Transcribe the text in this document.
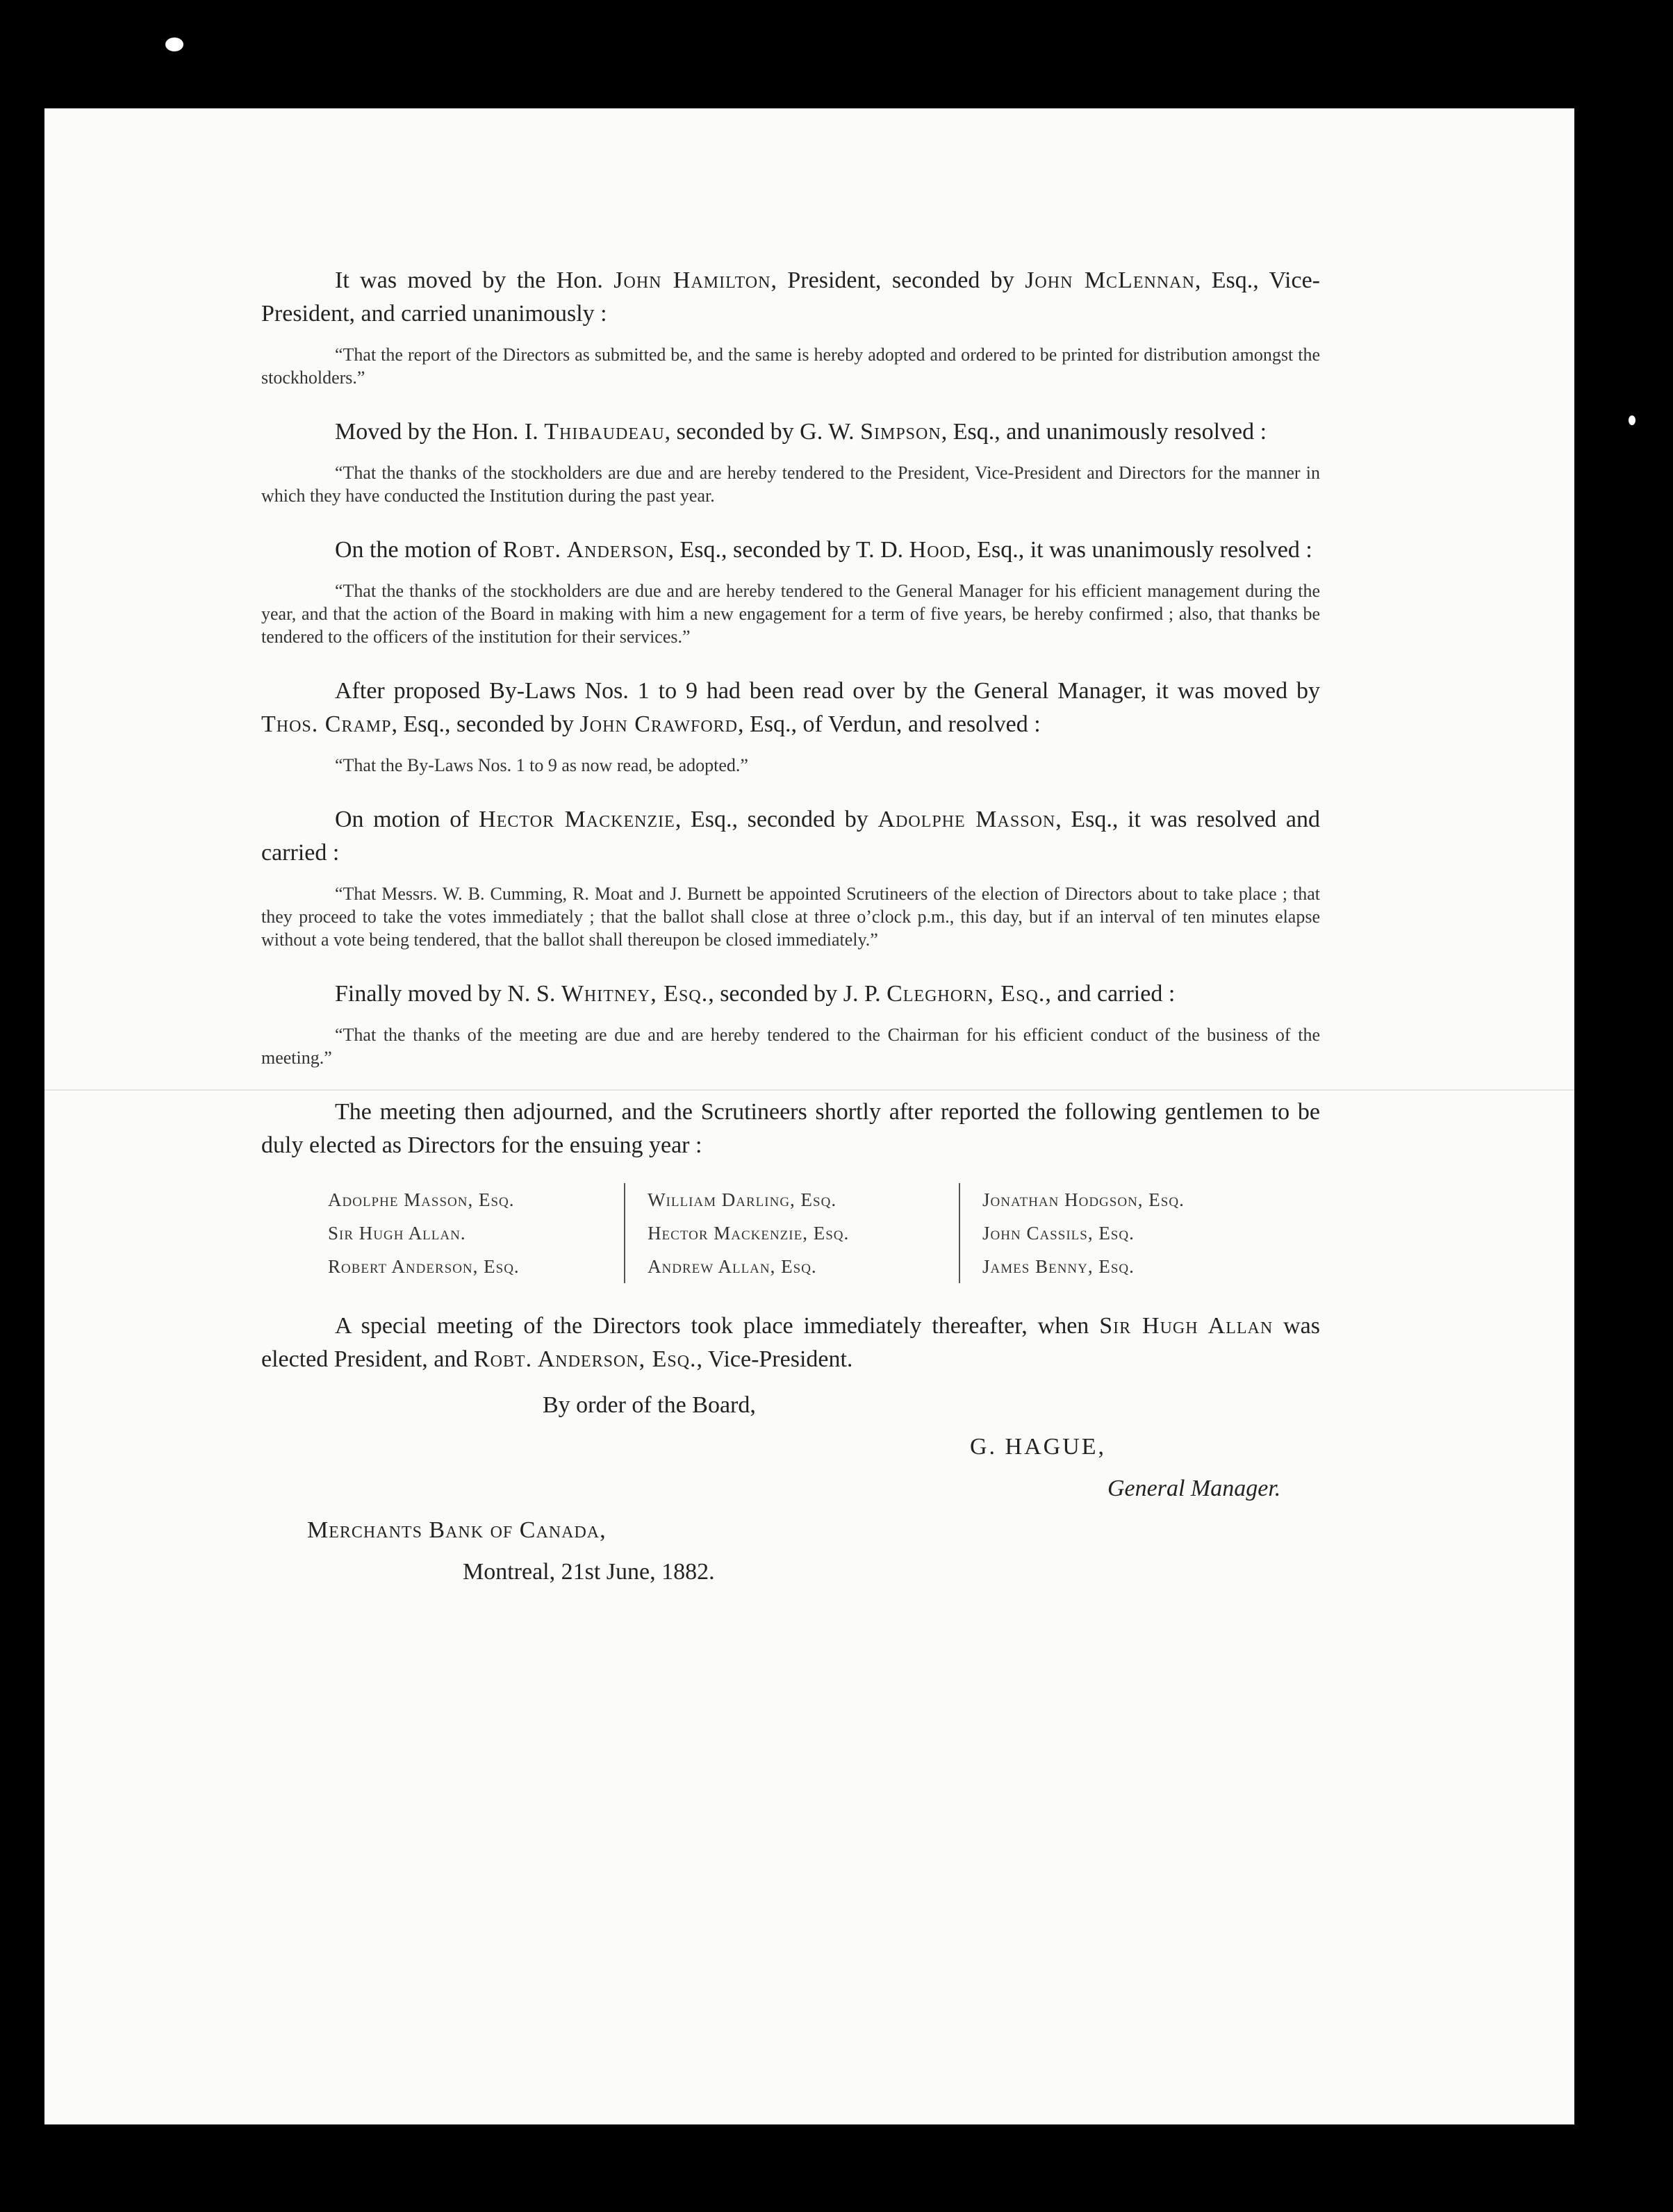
It was moved by the Hon. John Hamilton, President, seconded by John McLennan, Esq., Vice-President, and carried unanimously :

“That the report of the Directors as submitted be, and the same is hereby adopted and ordered to be printed for distribution amongst the stockholders.”

Moved by the Hon. I. Thibaudeau, seconded by G. W. Simpson, Esq., and unanimously resolved :

“That the thanks of the stockholders are due and are hereby tendered to the President, Vice-President and Directors for the manner in which they have conducted the Institution during the past year.

On the motion of Robt. Anderson, Esq., seconded by T. D. Hood, Esq., it was unanimously resolved :

“That the thanks of the stockholders are due and are hereby tendered to the General Manager for his efficient management during the year, and that the action of the Board in making with him a new engagement for a term of five years, be hereby confirmed ; also, that thanks be tendered to the officers of the institution for their services.”

After proposed By-Laws Nos. 1 to 9 had been read over by the General Manager, it was moved by Thos. Cramp, Esq., seconded by John Crawford, Esq., of Verdun, and resolved :

“That the By-Laws Nos. 1 to 9 as now read, be adopted.”

On motion of Hector Mackenzie, Esq., seconded by Adolphe Masson, Esq., it was resolved and carried :

“That Messrs. W. B. Cumming, R. Moat and J. Burnett be appointed Scrutineers of the election of Directors about to take place ; that they proceed to take the votes immediately ; that the ballot shall close at three o’clock p.m., this day, but if an interval of ten minutes elapse without a vote being tendered, that the ballot shall thereupon be closed immediately.”

Finally moved by N. S. Whitney, Esq., seconded by J. P. Cleghorn, Esq., and carried :

“That the thanks of the meeting are due and are hereby tendered to the Chairman for his efficient conduct of the business of the meeting.”

The meeting then adjourned, and the Scrutineers shortly after reported the following gentlemen to be duly elected as Directors for the ensuing year :

Adolphe Masson, Esq.
Sir Hugh Allan.
Robert Anderson, Esq.
William Darling, Esq.
Hector Mackenzie, Esq.
Andrew Allan, Esq.
Jonathan Hodgson, Esq.
John Cassils, Esq.
James Benny, Esq.

A special meeting of the Directors took place immediately thereafter, when Sir Hugh Allan was elected President, and Robt. Anderson, Esq., Vice-President.

By order of the Board,
G. HAGUE,
General Manager.
Merchants Bank of Canada,
Montreal, 21st June, 1882.
